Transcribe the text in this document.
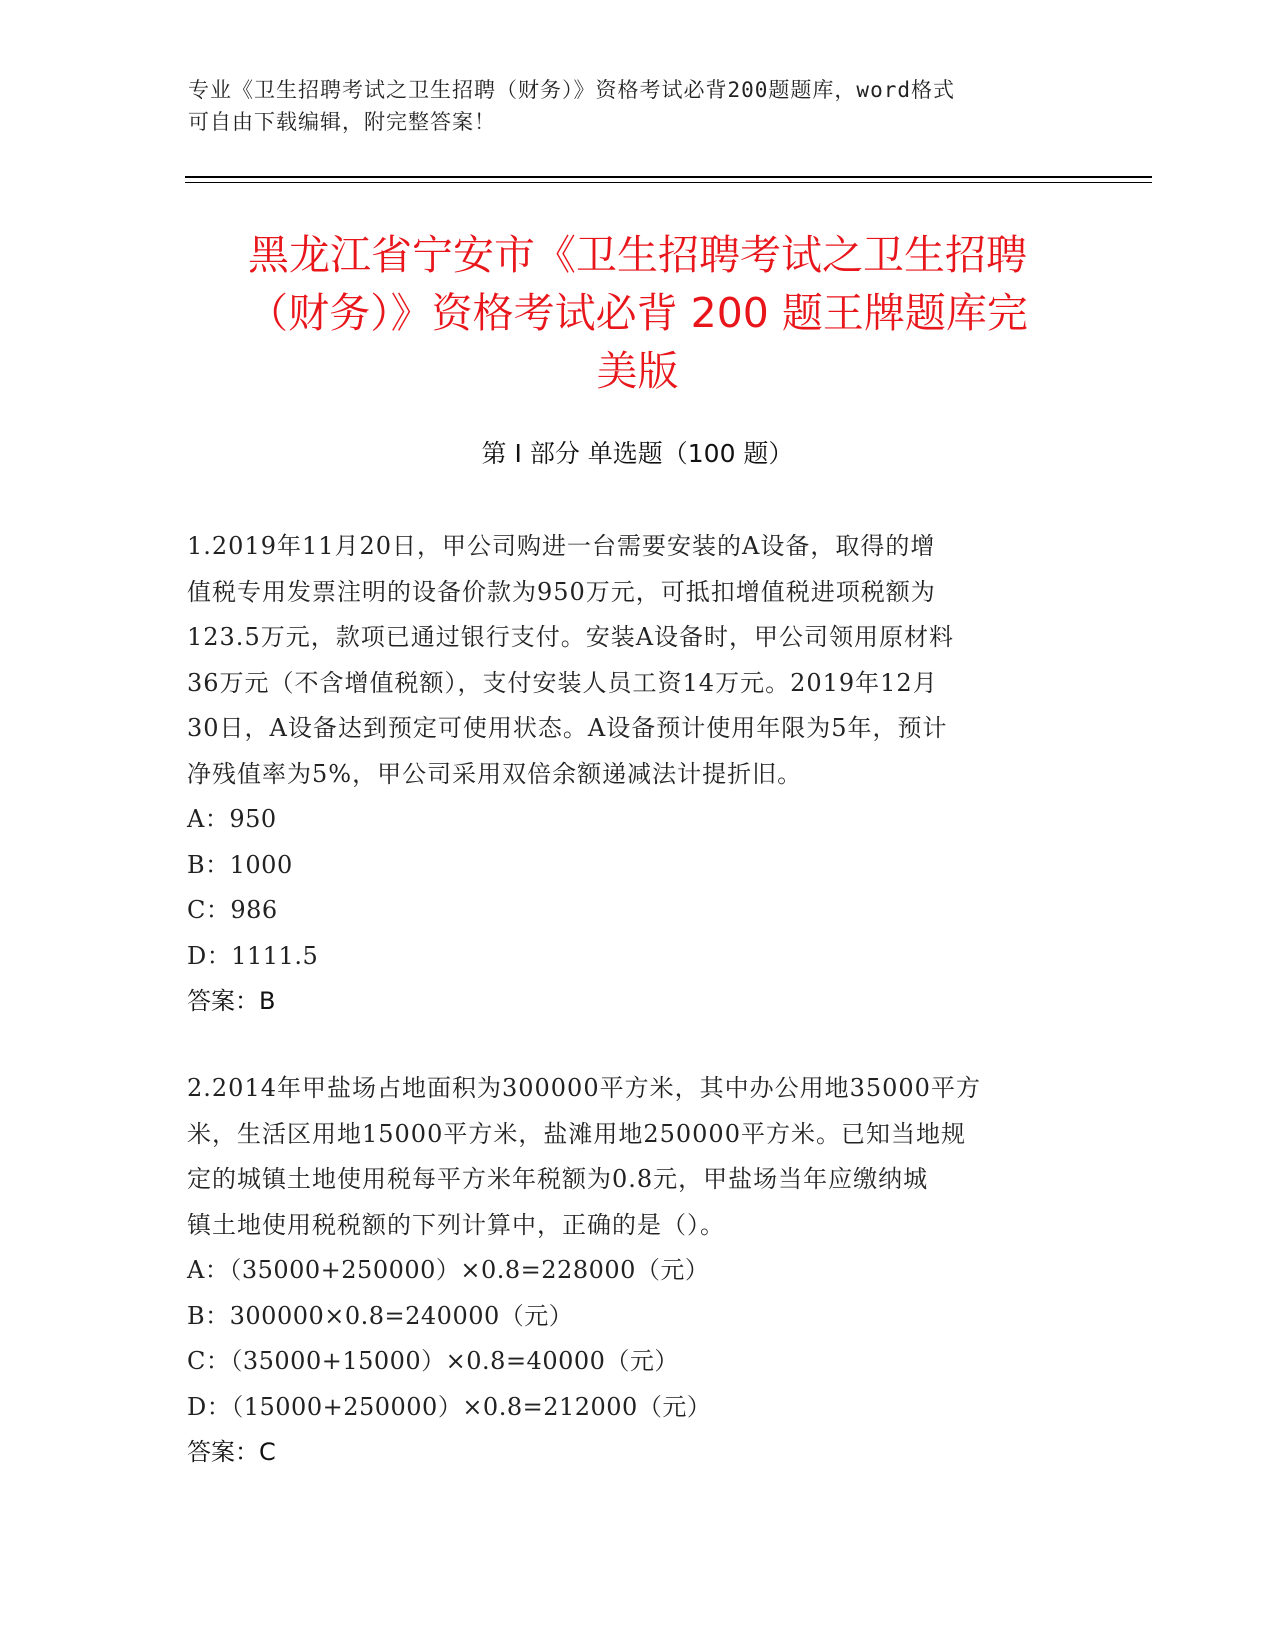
专业《卫生招聘考试之卫生招聘（财务）》资格考试必背200题题库，word格式
可自由下载编辑，附完整答案！
黑龙江省宁安市《卫生招聘考试之卫生招聘
（财务）》资格考试必背 200 题王牌题库完
美版
第 I 部分 单选题（100 题）
1.2019年11月20日，甲公司购进一台需要安装的A设备，取得的增
值税专用发票注明的设备价款为950万元，可抵扣增值税进项税额为
123.5万元，款项已通过银行支付。安装A设备时，甲公司领用原材料
36万元（不含增值税额），支付安装人员工资14万元。2019年12月
30日，A设备达到预定可使用状态。A设备预计使用年限为5年，预计
净残值率为5%，甲公司采用双倍余额递减法计提折旧。
A：950
B：1000
C：986
D：1111.5
答案：B
2.2014年甲盐场占地面积为300000平方米，其中办公用地35000平方
米，生活区用地15000平方米，盐滩用地250000平方米。已知当地规
定的城镇土地使用税每平方米年税额为0.8元，甲盐场当年应缴纳城
镇土地使用税税额的下列计算中，正确的是（）。
A：（35000+250000）×0.8=228000（元）
B：300000×0.8=240000（元）
C：（35000+15000）×0.8=40000（元）
D：（15000+250000）×0.8=212000（元）
答案：C
